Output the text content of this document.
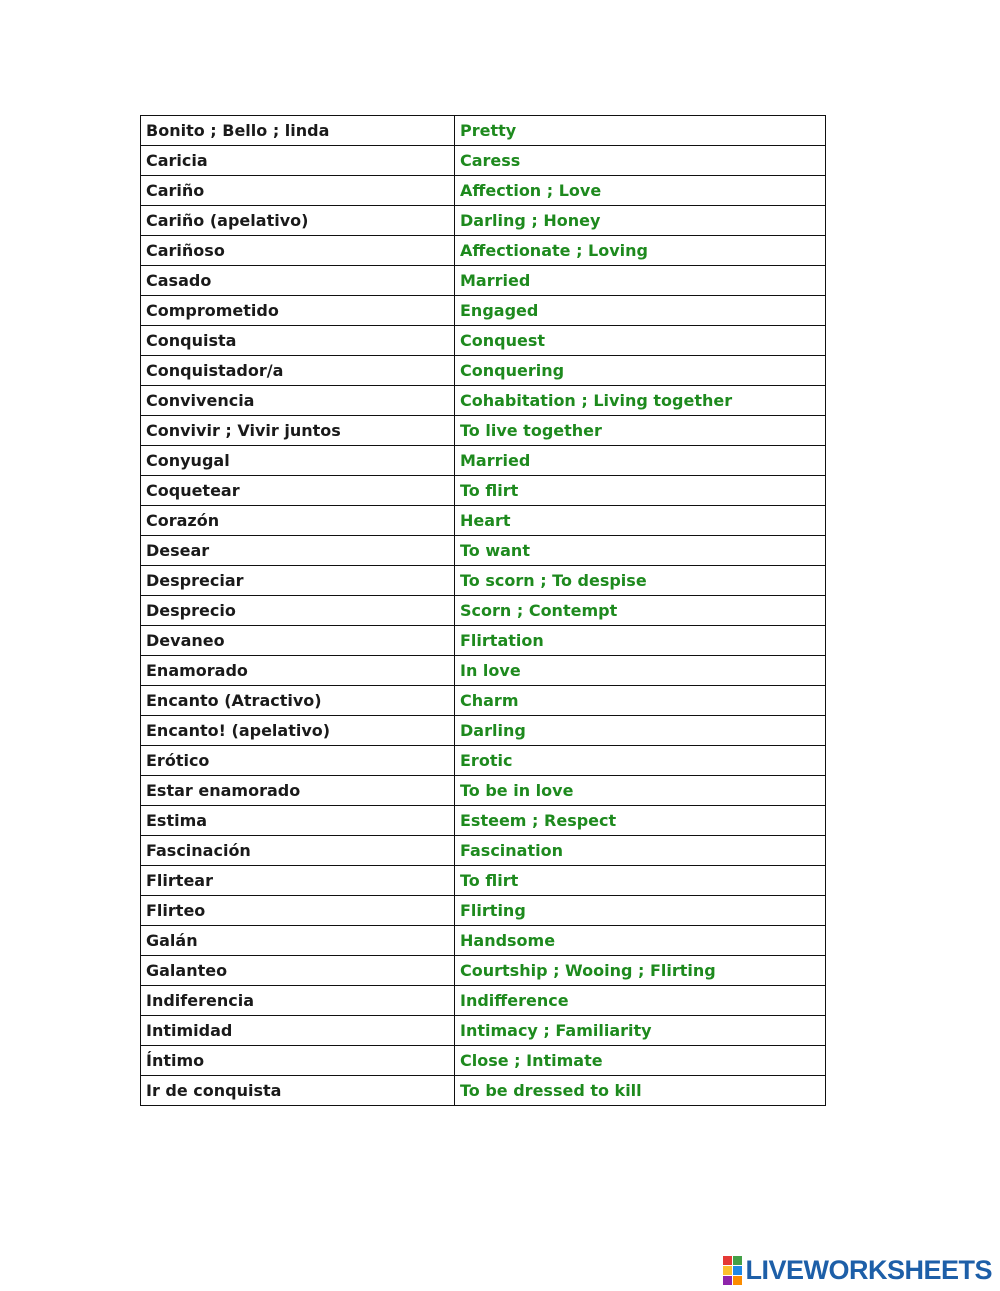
Bonito ; Bello ; linda	Pretty
Caricia	Caress
Cariño	Affection ; Love
Cariño (apelativo)	Darling ; Honey
Cariñoso	Affectionate ; Loving
Casado	Married
Comprometido	Engaged
Conquista	Conquest
Conquistador/a	Conquering
Convivencia	Cohabitation ; Living together
Convivir ; Vivir juntos	To live together
Conyugal	Married
Coquetear	To flirt
Corazón	Heart
Desear	To want
Despreciar	To scorn ; To despise
Desprecio	Scorn ; Contempt
Devaneo	Flirtation
Enamorado	In love
Encanto (Atractivo)	Charm
Encanto! (apelativo)	Darling
Erótico	Erotic
Estar enamorado	To be in love
Estima	Esteem ; Respect
Fascinación	Fascination
Flirtear	To flirt
Flirteo	Flirting
Galán	Handsome
Galanteo	Courtship ; Wooing ; Flirting
Indiferencia	Indifference
Intimidad	Intimacy ; Familiarity
Íntimo	Close ; Intimate
Ir de conquista	To be dressed to kill
LIVEWORKSHEETS
